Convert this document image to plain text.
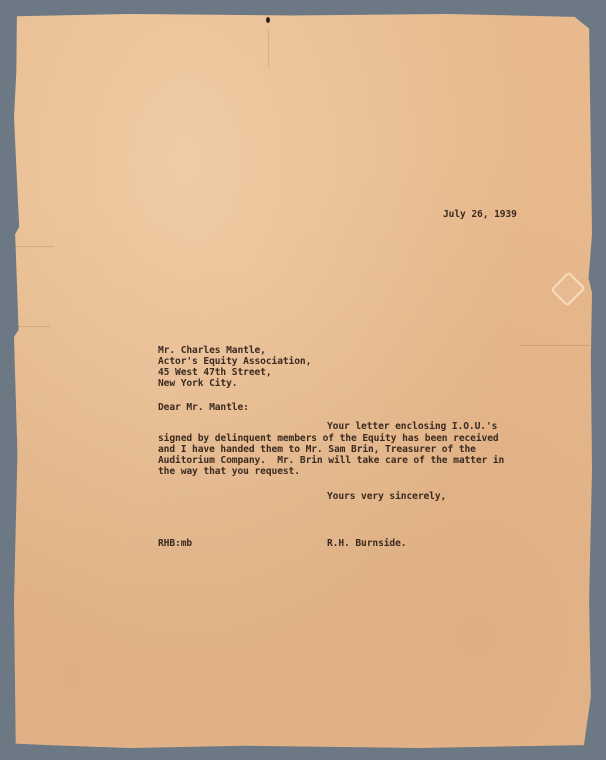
July 26, 1939
Mr. Charles Mantle,
Actor's Equity Association,
45 West 47th Street,
New York City.
Dear Mr. Mantle:
Your letter enclosing I.O.U.'s
signed by delinquent members of the Equity has been received
and I have handed them to Mr. Sam Brin, Treasurer of the
Auditorium Company.  Mr. Brin will take care of the matter in
the way that you request.
Yours very sincerely,
RHB:mb	R.H. Burnside.
